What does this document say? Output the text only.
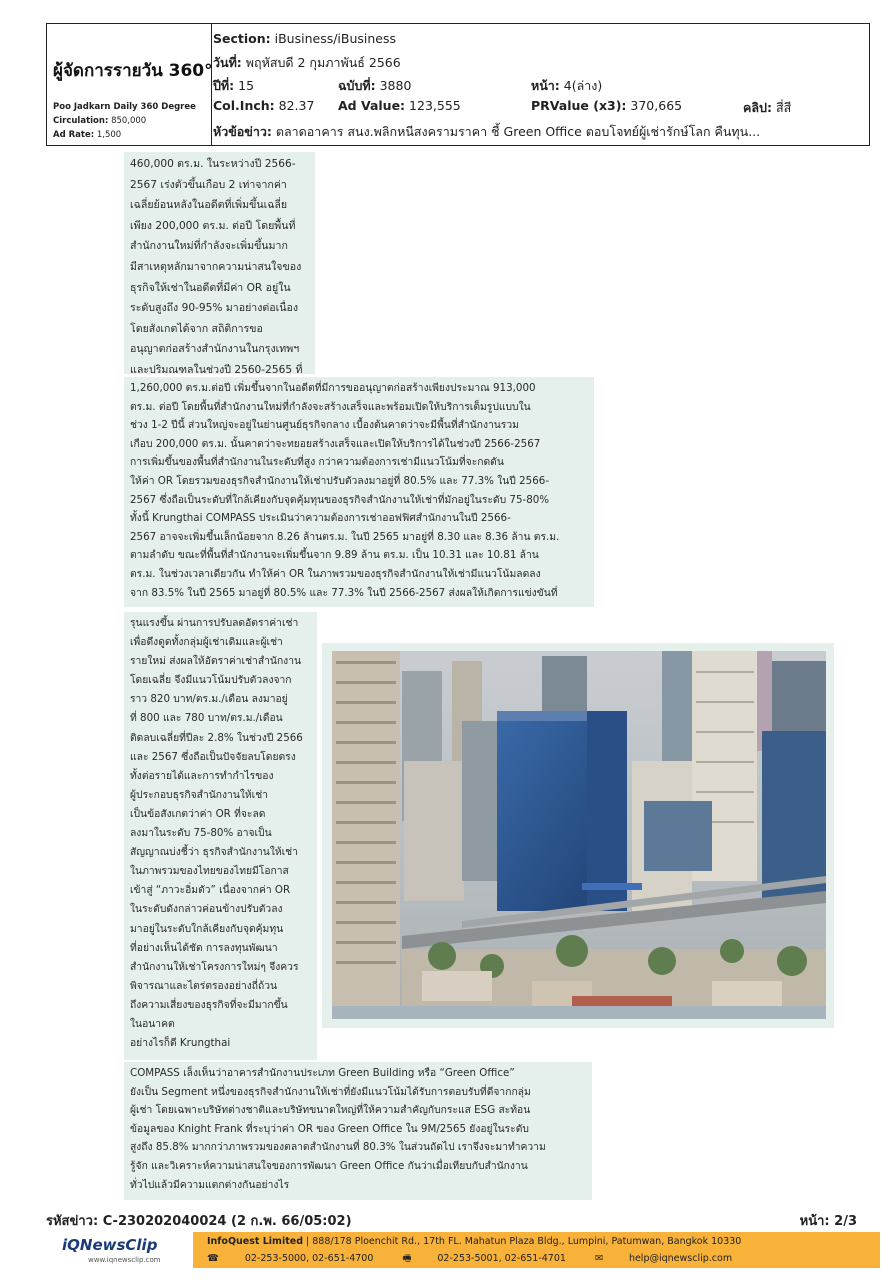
ผู้จัดการรายวัน 360°
Poo Jadkarn Daily 360 Degree
Circulation: 850,000
Ad Rate: 1,500
Section: iBusiness/iBusiness
วันที่: พฤหัสบดี 2 กุมภาพันธ์ 2566
ปีที่: 15	ฉบับที่: 3880	หน้า: 4(ล่าง)
Col.Inch: 82.37 Ad Value: 123,555	PRValue (x3): 370,665	คลิป: สี่สี
หัวข้อข่าว: ตลาดอาคาร สนง.พลิกหนีสงครามราคา ชี้ Green Office ตอบโจทย์ผู้เช่ารักษ์โลก คืนทุน...

460,000 ตร.ม. ในระหว่างปี 2566-

2567 เร่งตัวขึ้นเกือบ 2 เท่าจากค่า

เฉลี่ยย้อนหลังในอดีตที่เพิ่มขึ้นเฉลี่ย

เพียง 200,000 ตร.ม. ต่อปี โดยพื้นที่

สำนักงานใหม่ที่กำลังจะเพิ่มขึ้นมาก

มีสาเหตุหลักมาจากความน่าสนใจของ

ธุรกิจให้เช่าในอดีตที่มีค่า OR อยู่ใน

ระดับสูงถึง 90-95% มาอย่างต่อเนื่อง

โดยสังเกตได้จาก สถิติการขอ

อนุญาตก่อสร้างสำนักงานในกรุงเทพฯ

และปริมณฑลในช่วงปี 2560-2565 ที่

1,260,000 ตร.ม.ต่อปี เพิ่มขึ้นจากในอดีตที่มีการขออนุญาตก่อสร้างเพียงประมาณ 913,000

ตร.ม. ต่อปี โดยพื้นที่สำนักงานใหม่ที่กำลังจะสร้างเสร็จและพร้อมเปิดให้บริการเต็มรูปแบบใน

ช่วง 1-2 ปีนี้ ส่วนใหญ่จะอยู่ในย่านศูนย์ธุรกิจกลาง เบื้องต้นคาดว่าจะมีพื้นที่สำนักงานรวม

เกือบ 200,000 ตร.ม. นั้นคาดว่าจะทยอยสร้างเสร็จและเปิดให้บริการได้ในช่วงปี 2566-2567

การเพิ่มขึ้นของพื้นที่สำนักงานในระดับที่สูง กว่าความต้องการเช่ามีแนวโน้มที่จะกดดัน

ให้ค่า OR โดยรวมของธุรกิจสำนักงานให้เช่าปรับตัวลงมาอยู่ที่ 80.5% และ 77.3% ในปี 2566-

2567 ซึ่งถือเป็นระดับที่ใกล้เคียงกับจุดคุ้มทุนของธุรกิจสำนักงานให้เช่าที่มักอยู่ในระดับ 75-80%

ทั้งนี้ Krungthai COMPASS ประเมินว่าความต้องการเช่าออฟฟิศสำนักงานในปี 2566-

2567 อาจจะเพิ่มขึ้นเล็กน้อยจาก 8.26 ล้านตร.ม. ในปี 2565 มาอยู่ที่ 8.30 และ 8.36 ล้าน ตร.ม.

ตามลำดับ ขณะที่พื้นที่สำนักงานจะเพิ่มขึ้นจาก 9.89 ล้าน ตร.ม. เป็น 10.31 และ 10.81 ล้าน

ตร.ม. ในช่วงเวลาเดียวกัน ทำให้ค่า OR ในภาพรวมของธุรกิจสำนักงานให้เช่ามีแนวโน้มลดลง

จาก 83.5% ในปี 2565 มาอยู่ที่ 80.5% และ 77.3% ในปี 2566-2567 ส่งผลให้เกิดการแข่งขันที่

รุนแรงขึ้น ผ่านการปรับลดอัตราค่าเช่า

เพื่อดึงดูดทั้งกลุ่มผู้เช่าเดิมและผู้เช่า

รายใหม่ ส่งผลให้อัตราค่าเช่าสำนักงาน

โดยเฉลี่ย จึงมีแนวโน้มปรับตัวลงจาก

ราว 820 บาท/ตร.ม./เดือน ลงมาอยู่

ที่ 800 และ 780 บาท/ตร.ม./เดือน

ติดลบเฉลี่ยที่ปีละ 2.8% ในช่วงปี 2566

และ 2567 ซึ่งถือเป็นปัจจัยลบโดยตรง

ทั้งต่อรายได้และการทำกำไรของ

ผู้ประกอบธุรกิจสำนักงานให้เช่า

เป็นข้อสังเกตว่าค่า OR ที่จะลด

ลงมาในระดับ 75-80% อาจเป็น

สัญญาณบ่งชี้ว่า ธุรกิจสำนักงานให้เช่า

ในภาพรวมของไทยของไทยมีโอกาส

เข้าสู่ “ภาวะอิ่มตัว” เนื่องจากค่า OR

ในระดับดังกล่าวค่อนข้างปรับตัวลง

มาอยู่ในระดับใกล้เคียงกับจุดคุ้มทุน

ที่อย่างเห็นได้ชัด การลงทุนพัฒนา

สำนักงานให้เช่าโครงการใหม่ๆ จึงควร

พิจารณาและไตร่ตรองอย่างถี่ถ้วน

ถึงความเสี่ยงของธุรกิจที่จะมีมากขึ้น

ในอนาคต

อย่างไรก็ดี Krungthai

COMPASS เล็งเห็นว่าอาคารสำนักงานประเภท Green Building หรือ “Green Office”

ยังเป็น Segment หนึ่งของธุรกิจสำนักงานให้เช่าที่ยังมีแนวโน้มได้รับการตอบรับที่ดีจากกลุ่ม

ผู้เช่า โดยเฉพาะบริษัทต่างชาติและบริษัทขนาดใหญ่ที่ให้ความสำคัญกับกระแส ESG สะท้อน

ข้อมูลของ Knight Frank ที่ระบุว่าค่า OR ของ Green Office ใน 9M/2565 ยังอยู่ในระดับ

สูงถึง 85.8% มากกว่าภาพรวมของตลาดสำนักงานที่ 80.3% ในส่วนถัดไป เราจึงจะมาทำความ

รู้จัก และวิเคราะห์ความน่าสนใจของการพัฒนา Green Office กันว่าเมื่อเทียบกับสำนักงาน

ทั่วไปแล้วมีความแตกต่างกันอย่างไร

รหัสข่าว: C-230202040024 (2 ก.พ. 66/05:02)	หน้า: 2/3
iQNewsClip
www.iqnewsclip.com
InfoQuest Limited | 888/178 Ploenchit Rd., 17th FL. Mahatun Plaza Bldg., Lumpini, Patumwan, Bangkok 10330
☎	02-253-5000, 02-651-4700	🖷	02-253-5001, 02-651-4701	✉	help@iqnewsclip.com
